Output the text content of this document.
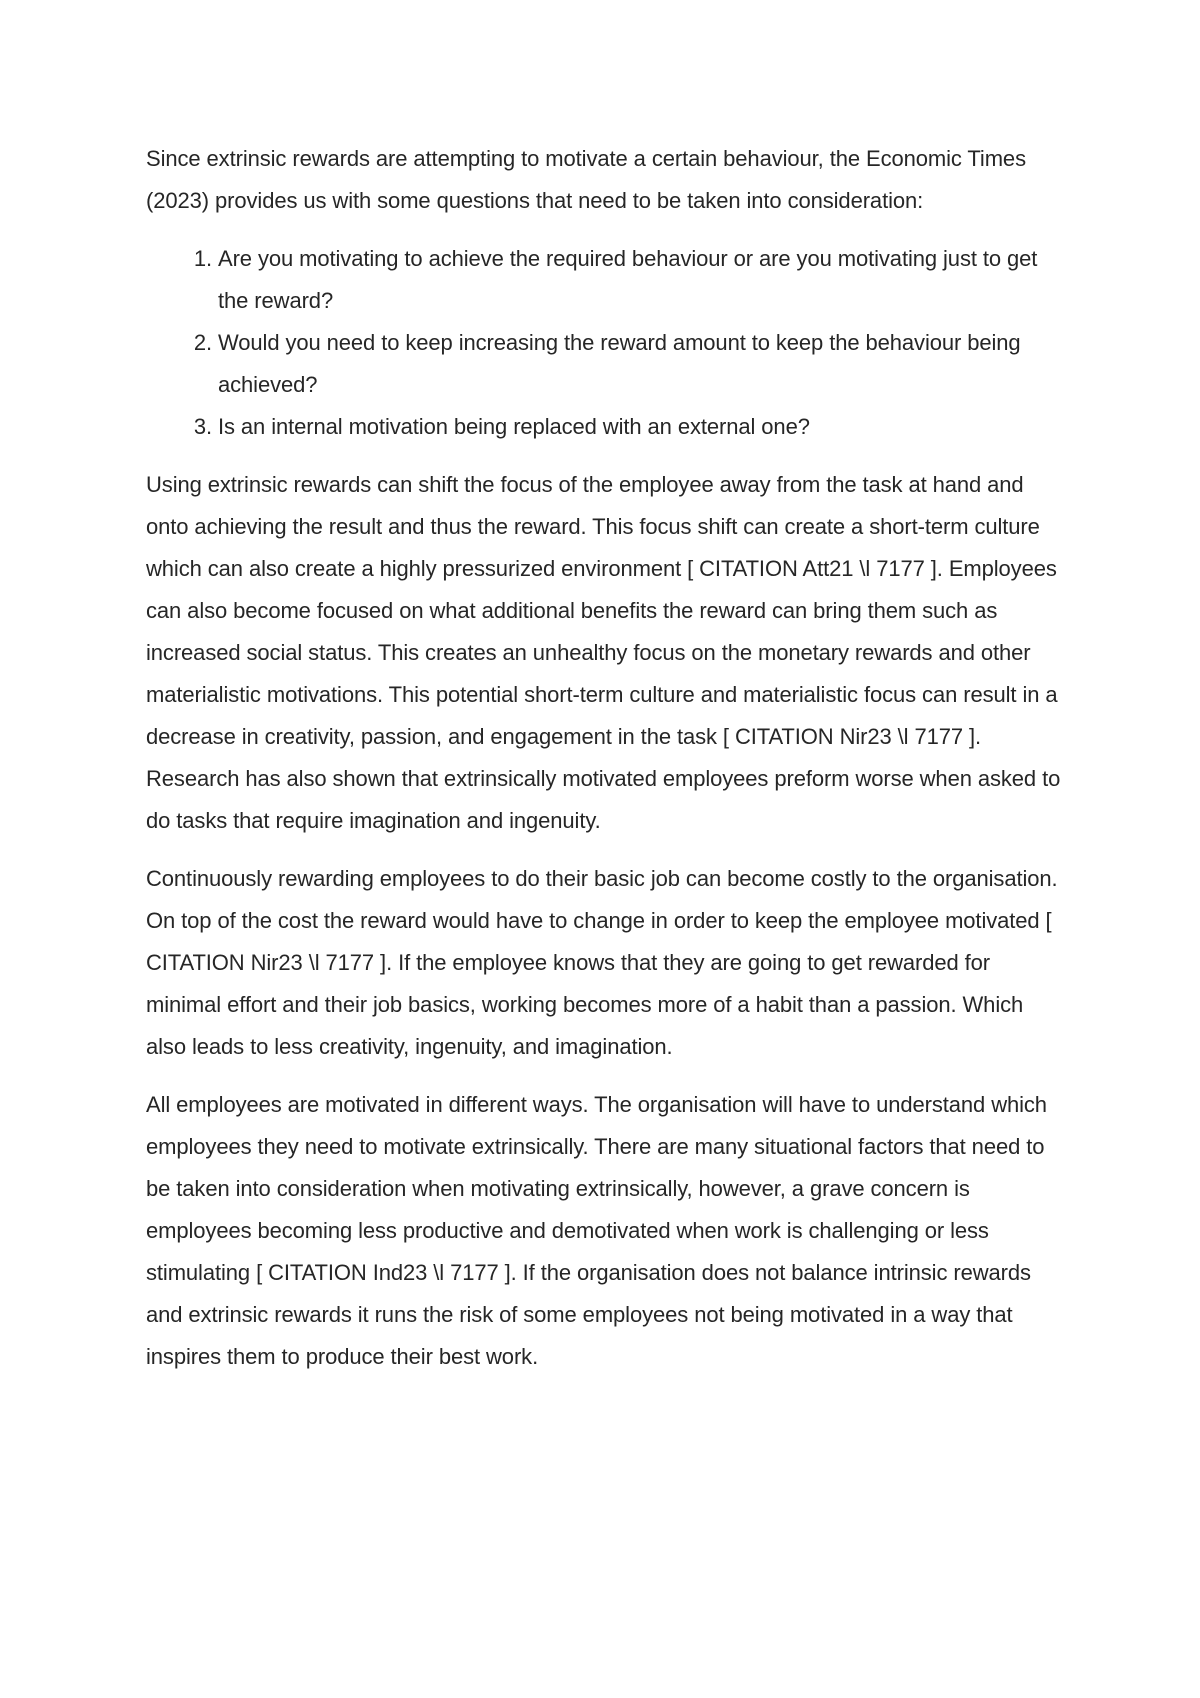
Since extrinsic rewards are attempting to motivate a certain behaviour, the Economic Times (2023) provides us with some questions that need to be taken into consideration:

1. Are you motivating to achieve the required behaviour or are you motivating just to get the reward?
2. Would you need to keep increasing the reward amount to keep the behaviour being achieved?
3. Is an internal motivation being replaced with an external one?

Using extrinsic rewards can shift the focus of the employee away from the task at hand and onto achieving the result and thus the reward. This focus shift can create a short-term culture which can also create a highly pressurized environment [ CITATION Att21 \l 7177 ]. Employees can also become focused on what additional benefits the reward can bring them such as increased social status. This creates an unhealthy focus on the monetary rewards and other materialistic motivations. This potential short-term culture and materialistic focus can result in a decrease in creativity, passion, and engagement in the task [ CITATION Nir23 \l 7177 ]. Research has also shown that extrinsically motivated employees preform worse when asked to do tasks that require imagination and ingenuity.

Continuously rewarding employees to do their basic job can become costly to the organisation. On top of the cost the reward would have to change in order to keep the employee motivated [ CITATION Nir23 \l 7177 ]. If the employee knows that they are going to get rewarded for minimal effort and their job basics, working becomes more of a habit than a passion. Which also leads to less creativity, ingenuity, and imagination.

All employees are motivated in different ways. The organisation will have to understand which employees they need to motivate extrinsically. There are many situational factors that need to be taken into consideration when motivating extrinsically, however, a grave concern is employees becoming less productive and demotivated when work is challenging or less stimulating [ CITATION Ind23 \l 7177 ]. If the organisation does not balance intrinsic rewards and extrinsic rewards it runs the risk of some employees not being motivated in a way that inspires them to produce their best work.
